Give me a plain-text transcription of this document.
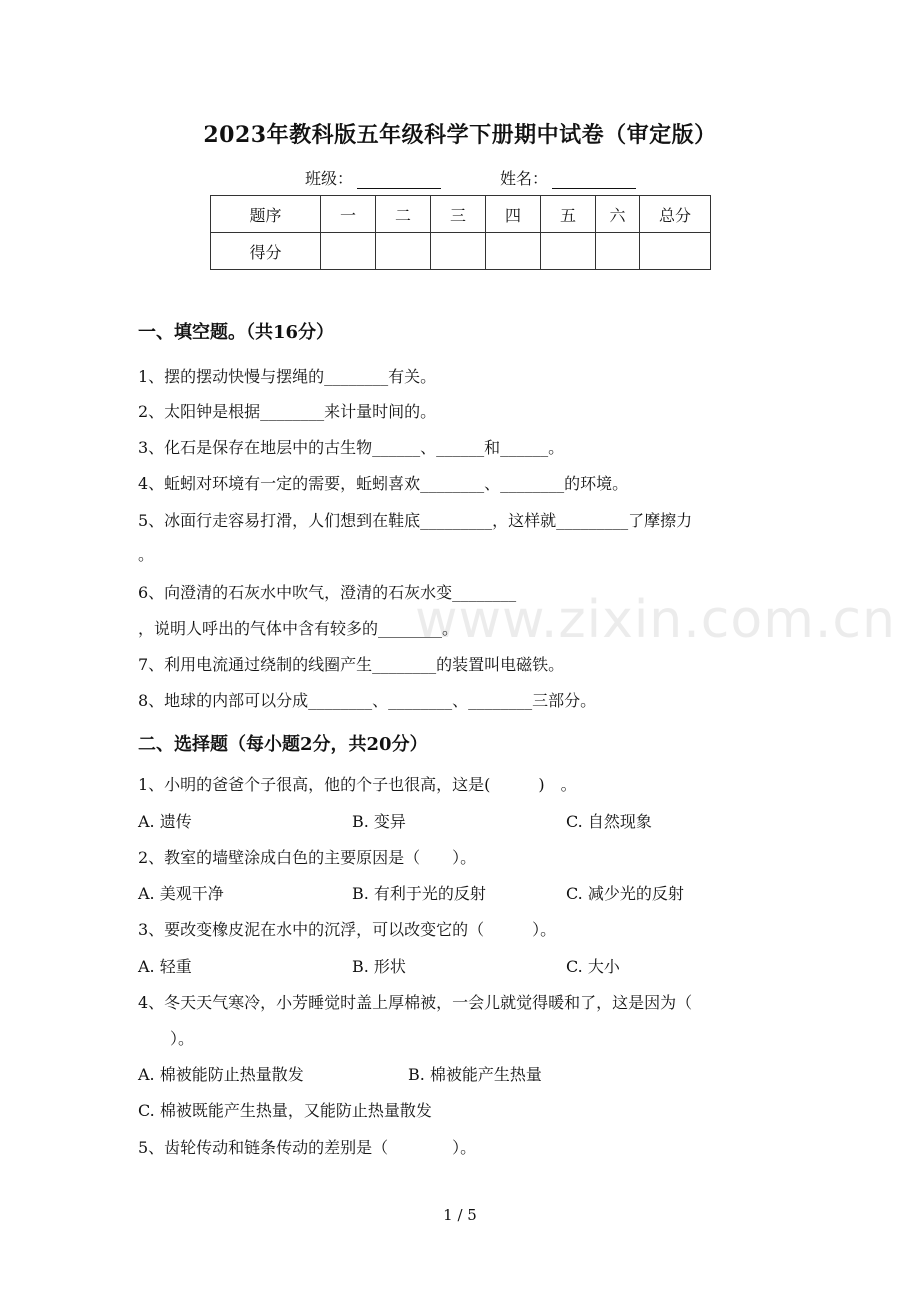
www.zixin.com.cn
2023年教科版五年级科学下册期中试卷（审定版）
班级：	姓名：
题序	一	二	三	四	五	六	总分
得分							
一、填空题。（共16分）
1、摆的摆动快慢与摆绳的________有关。
2、太阳钟是根据________来计量时间的。
3、化石是保存在地层中的古生物______、______和______。
4、蚯蚓对环境有一定的需要，蚯蚓喜欢________、________的环境。
5、冰面行走容易打滑，人们想到在鞋底_________，这样就_________了摩擦力
。
6、向澄清的石灰水中吹气，澄清的石灰水变________
，说明人呼出的气体中含有较多的________。
7、利用电流通过绕制的线圈产生________的装置叫电磁铁。
8、地球的内部可以分成________、________、________三部分。
二、选择题（每小题2分，共20分）
1、小明的爸爸个子很高，他的个子也很高，这是(　　　)　。
A. 遗传	B. 变异	C. 自然现象
2、教室的墙壁涂成白色的主要原因是（　　）。
A. 美观干净	B. 有利于光的反射	C. 减少光的反射
3、要改变橡皮泥在水中的沉浮，可以改变它的（　　　）。
A. 轻重	B. 形状	C. 大小
4、冬天天气寒冷，小芳睡觉时盖上厚棉被，一会儿就觉得暖和了，这是因为（
）。
A. 棉被能防止热量散发	B. 棉被能产生热量
C. 棉被既能产生热量，又能防止热量散发
5、齿轮传动和链条传动的差别是（　　　　）。
1 / 5
